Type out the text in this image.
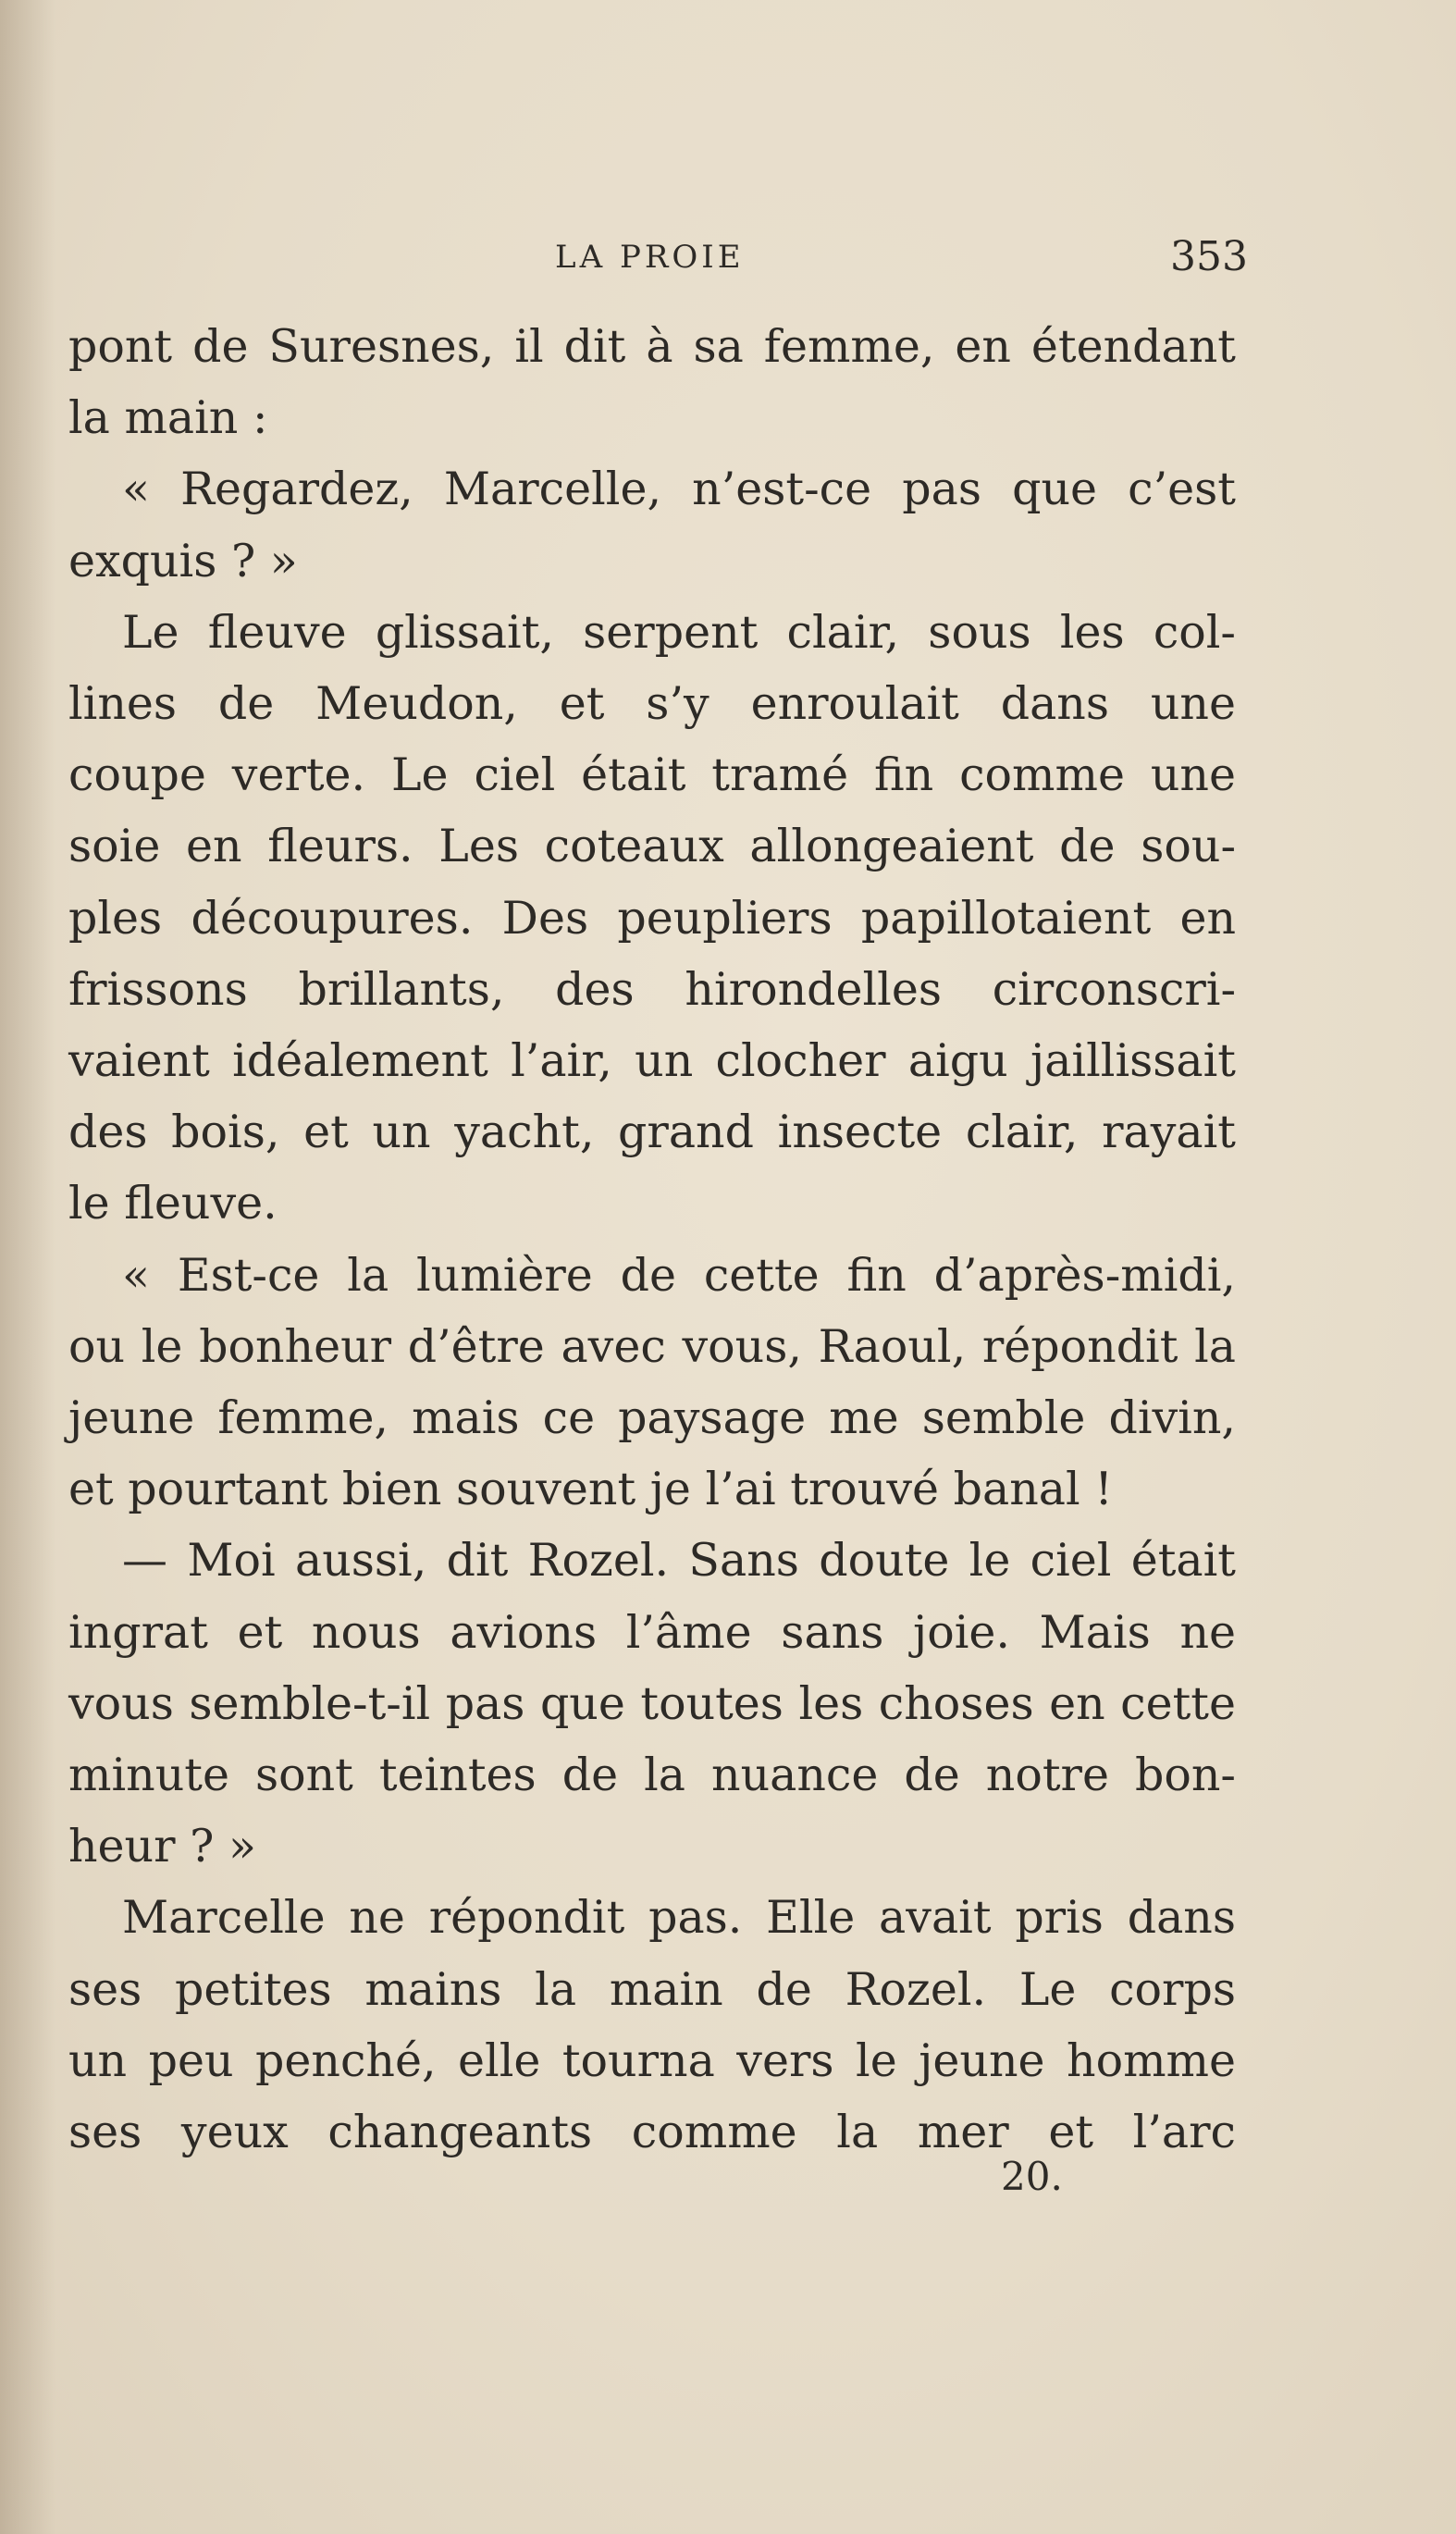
LA PROIE	353
pont de Suresnes, il dit à sa femme, en étendant
la main :
« Regardez, Marcelle, n’est-ce pas que c’est
exquis ? »
Le fleuve glissait, serpent clair, sous les col-
lines de Meudon, et s’y enroulait dans une
coupe verte. Le ciel était tramé fin comme une
soie en fleurs. Les coteaux allongeaient de sou-
ples découpures. Des peupliers papillotaient en
frissons brillants, des hirondelles circonscri-
vaient idéalement l’air, un clocher aigu jaillissait
des bois, et un yacht, grand insecte clair, rayait
le fleuve.
« Est-ce la lumière de cette fin d’après-midi,
ou le bonheur d’être avec vous, Raoul, répondit la
jeune femme, mais ce paysage me semble divin,
et pourtant bien souvent je l’ai trouvé banal !
— Moi aussi, dit Rozel. Sans doute le ciel était
ingrat et nous avions l’âme sans joie. Mais ne
vous semble-t-il pas que toutes les choses en cette
minute sont teintes de la nuance de notre bon-
heur ? »
Marcelle ne répondit pas. Elle avait pris dans
ses petites mains la main de Rozel. Le corps
un peu penché, elle tourna vers le jeune homme
ses yeux changeants comme la mer et l’arc
20.
